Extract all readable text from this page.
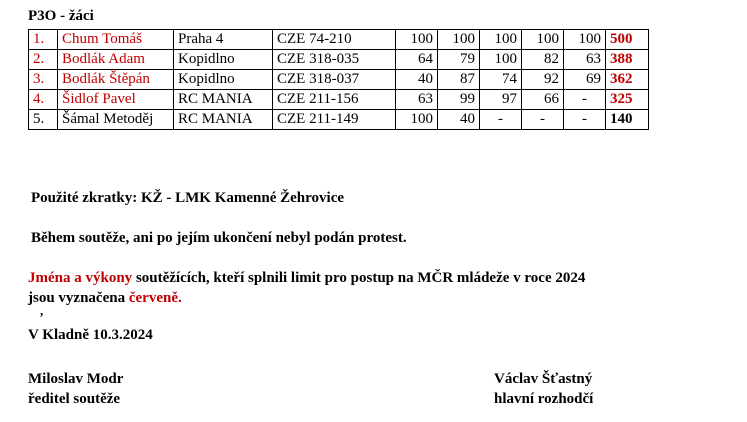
P3O - žáci
1.	Chum Tomáš	Praha 4	CZE 74-210	100	100	100	100	100	500
2.	Bodlák Adam	Kopidlno	CZE 318-035	64	79	100	82	63	388
3.	Bodlák Štěpán	Kopidlno	CZE 318-037	40	87	74	92	69	362
4.	Šidlof Pavel	RC MANIA	CZE 211-156	63	99	97	66	-	325
5.	Šámal Metoděj	RC MANIA	CZE 211-149	100	40	-	-	-	140
Použité zkratky: KŽ - LMK Kamenné Žehrovice
Během soutěže, ani po jejím ukončení nebyl podán protest.
Jména a výkony soutěžících, kteří splnili limit pro postup na MČR mládeže v roce 2024
jsou vyznačena červeně.
,
V Kladně 10.3.2024
Miloslav Modr
ředitel soutěže
Václav Šťastný
hlavní rozhodčí
